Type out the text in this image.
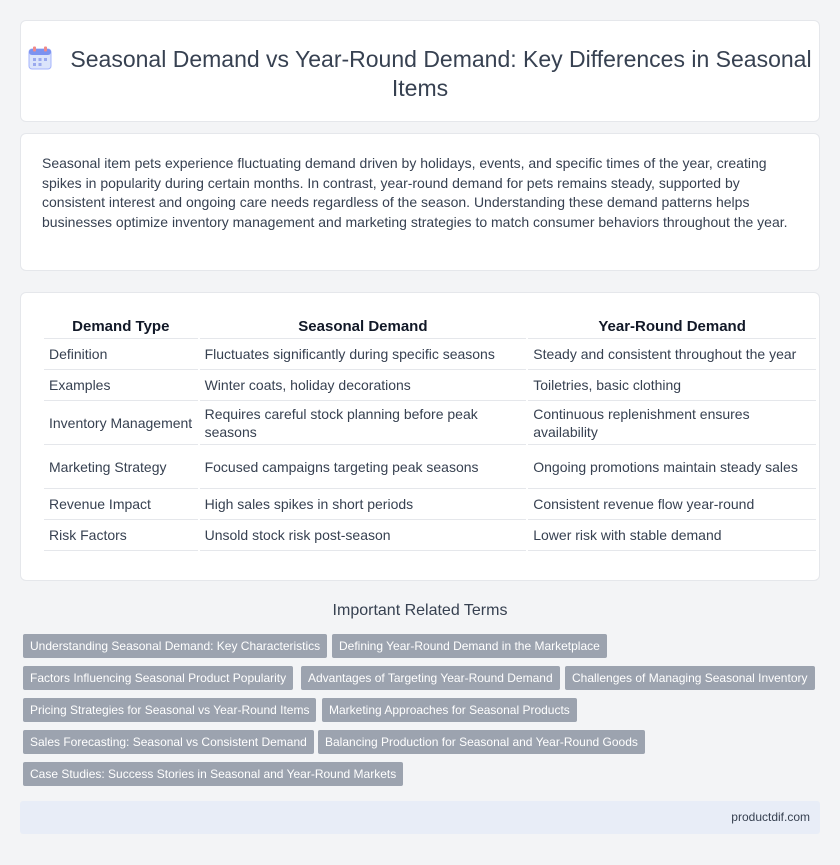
Seasonal Demand vs Year-Round Demand: Key Differences in Seasonal Items

Seasonal item pets experience fluctuating demand driven by holidays, events, and specific times of the year, creating spikes in popularity during certain months. In contrast, year-round demand for pets remains steady, supported by consistent interest and ongoing care needs regardless of the season. Understanding these demand patterns helps businesses optimize inventory management and marketing strategies to match consumer behaviors throughout the year.

Demand Type	Seasonal Demand	Year-Round Demand
Definition	Fluctuates significantly during specific seasons	Steady and consistent throughout the year
Examples	Winter coats, holiday decorations	Toiletries, basic clothing
Inventory Management	Requires careful stock planning before peak seasons	Continuous replenishment ensures availability
Marketing Strategy	Focused campaigns targeting peak seasons	Ongoing promotions maintain steady sales
Revenue Impact	High sales spikes in short periods	Consistent revenue flow year-round
Risk Factors	Unsold stock risk post-season	Lower risk with stable demand
Important Related Terms
Understanding Seasonal Demand: Key Characteristics	Defining Year-Round Demand in the Marketplace
Factors Influencing Seasonal Product Popularity	Advantages of Targeting Year-Round Demand	Challenges of Managing Seasonal Inventory
Pricing Strategies for Seasonal vs Year-Round Items	Marketing Approaches for Seasonal Products
Sales Forecasting: Seasonal vs Consistent Demand	Balancing Production for Seasonal and Year-Round Goods
Case Studies: Success Stories in Seasonal and Year-Round Markets
productdif.com
